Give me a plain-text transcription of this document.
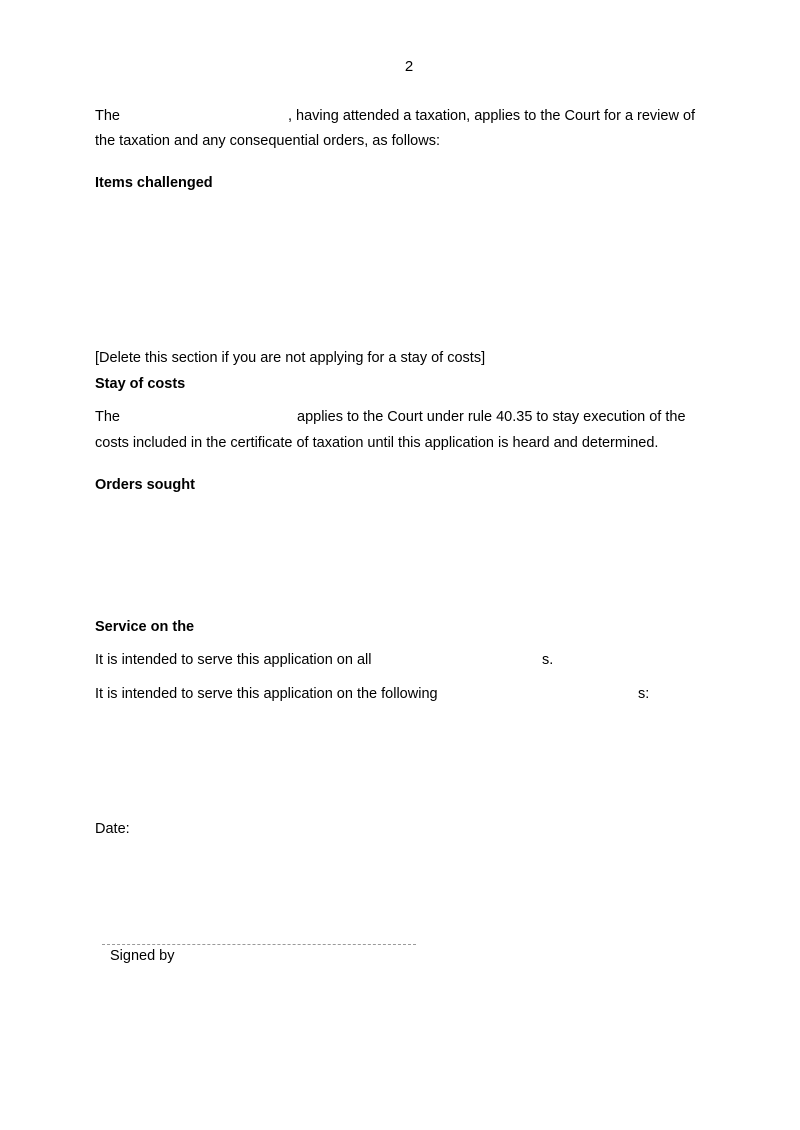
2
The	, having attended a taxation, applies to the Court for a review of
the taxation and any consequential orders, as follows:
Items challenged
[Delete this section if you are not applying for a stay of costs]
Stay of costs
The	applies to the Court under rule 40.35 to stay execution of the
costs included in the certificate of taxation until this application is heard and determined.
Orders sought
Service on the
It is intended to serve this application on all	s.
It is intended to serve this application on the following	s:
Date:
Signed by
